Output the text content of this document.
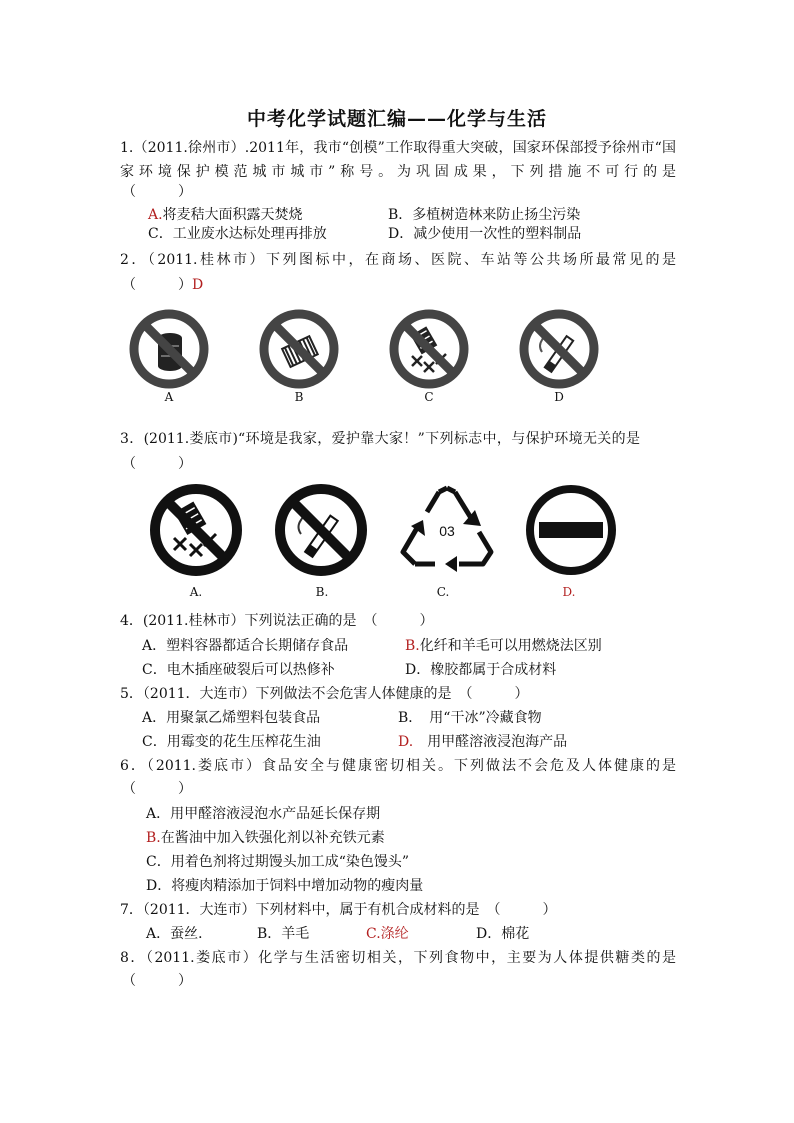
中考化学试题汇编——化学与生活
1.（2011.徐州市）.2011年，我市“创模”工作取得重大突破，国家环保部授予徐州市“国
家环境保护模范城市城市”称号。为巩固成果，下列措施不可行的是
（　　　）
A.将麦秸大面积露天焚烧	B．多植树造林来防止扬尘污染
C．工业废水达标处理再排放	D．减少使用一次性的塑料制品
2．（2011.桂林市）下列图标中，在商场、医院、车站等公共场所最常见的是
（　　　）D
A	B	C	D
3．(2011.娄底市)“环境是我家，爱护靠大家！”下列标志中，与保护环境无关的是
（　　　）
03
A.	B.	C.	D.
4．(2011.桂林市）下列说法正确的是　（　　　）
A．塑料容器都适合长期储存食品	B.化纤和羊毛可以用燃烧法区别
C．电木插座破裂后可以热修补	D．橡胶都属于合成材料
5．（2011．大连市）下列做法不会危害人体健康的是　（　　　）
A．用聚氯乙烯塑料包装食品	B．　用“干冰”冷藏食物
C．用霉变的花生压榨花生油	D.　 用甲醛溶液浸泡海产品
6．（2011.娄底市）食品安全与健康密切相关。下列做法不会危及人体健康的是
（　　　）
A．用甲醛溶液浸泡水产品延长保存期
B.在酱油中加入铁强化剂以补充铁元素
C．用着色剂将过期馒头加工成“染色馒头”
D．将瘦肉精添加于饲料中增加动物的瘦肉量
7．（2011．大连市）下列材料中，属于有机合成材料的是　（　　　）
A．蚕丝．	B．羊毛	C.涤纶	D．棉花
8．（2011.娄底市）化学与生活密切相关，下列食物中，主要为人体提供糖类的是
（　　　）
